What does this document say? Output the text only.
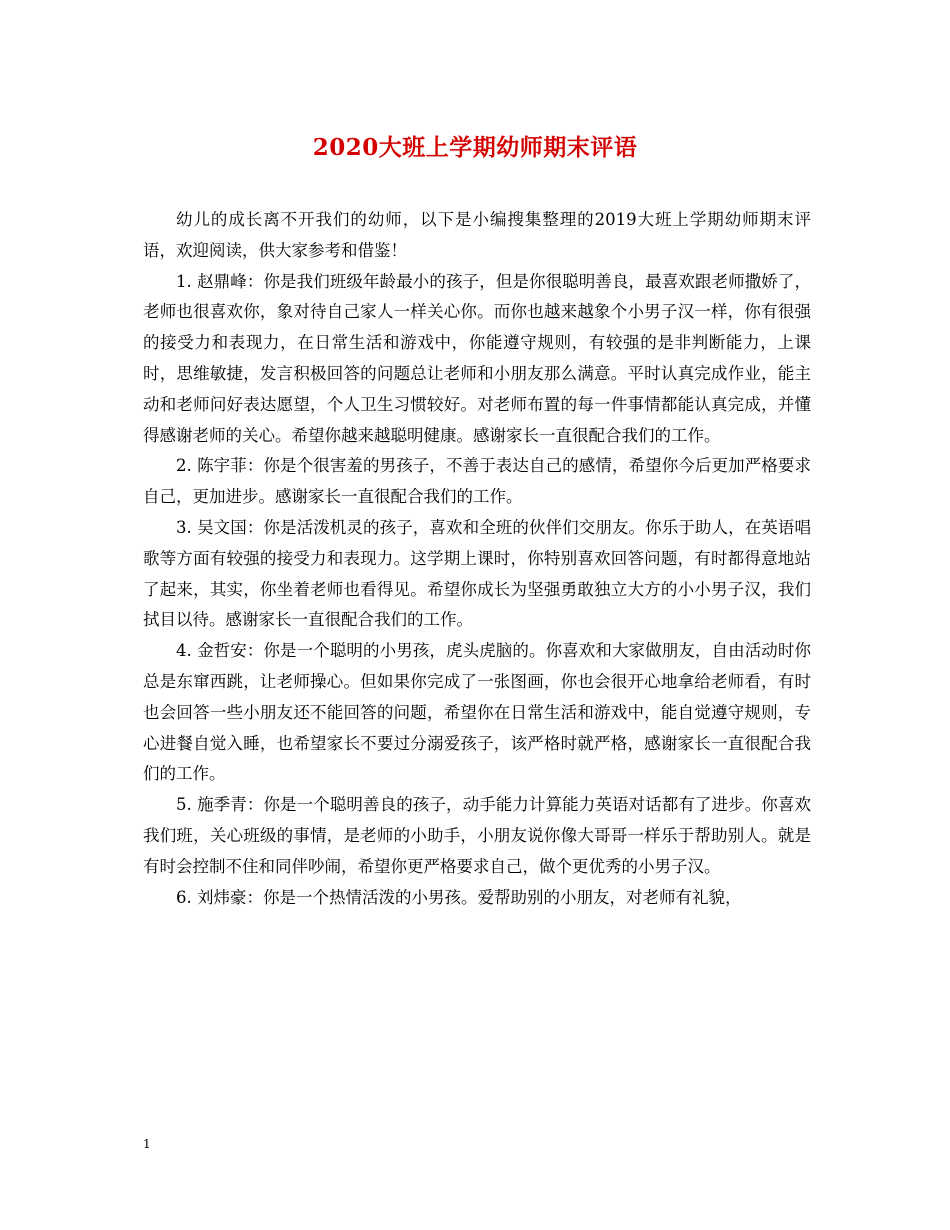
2020大班上学期幼师期末评语

幼儿的成长离不开我们的幼师，以下是小编搜集整理的2019大班上学期幼师期末评语，欢迎阅读，供大家参考和借鉴！

1. 赵鼎峰：你是我们班级年龄最小的孩子，但是你很聪明善良，最喜欢跟老师撒娇了，老师也很喜欢你，象对待自己家人一样关心你。而你也越来越象个小男子汉一样，你有很强的接受力和表现力，在日常生活和游戏中，你能遵守规则，有较强的是非判断能力，上课时，思维敏捷，发言积极回答的问题总让老师和小朋友那么满意。平时认真完成作业，能主动和老师问好表达愿望，个人卫生习惯较好。对老师布置的每一件事情都能认真完成，并懂得感谢老师的关心。希望你越来越聪明健康。感谢家长一直很配合我们的工作。

2. 陈宇菲：你是个很害羞的男孩子，不善于表达自己的感情，希望你今后更加严格要求自己，更加进步。感谢家长一直很配合我们的工作。

3. 吴文国：你是活泼机灵的孩子，喜欢和全班的伙伴们交朋友。你乐于助人，在英语唱歌等方面有较强的接受力和表现力。这学期上课时，你特别喜欢回答问题，有时都得意地站了起来，其实，你坐着老师也看得见。希望你成长为坚强勇敢独立大方的小小男子汉，我们拭目以待。感谢家长一直很配合我们的工作。

4. 金哲安：你是一个聪明的小男孩，虎头虎脑的。你喜欢和大家做朋友，自由活动时你总是东窜西跳，让老师操心。但如果你完成了一张图画，你也会很开心地拿给老师看，有时也会回答一些小朋友还不能回答的问题，希望你在日常生活和游戏中，能自觉遵守规则，专心进餐自觉入睡，也希望家长不要过分溺爱孩子，该严格时就严格，感谢家长一直很配合我们的工作。

5. 施季青：你是一个聪明善良的孩子，动手能力计算能力英语对话都有了进步。你喜欢我们班，关心班级的事情，是老师的小助手，小朋友说你像大哥哥一样乐于帮助别人。就是有时会控制不住和同伴吵闹，希望你更严格要求自己，做个更优秀的小男子汉。

6. 刘炜豪：你是一个热情活泼的小男孩。爱帮助别的小朋友，对老师有礼貌，

1
